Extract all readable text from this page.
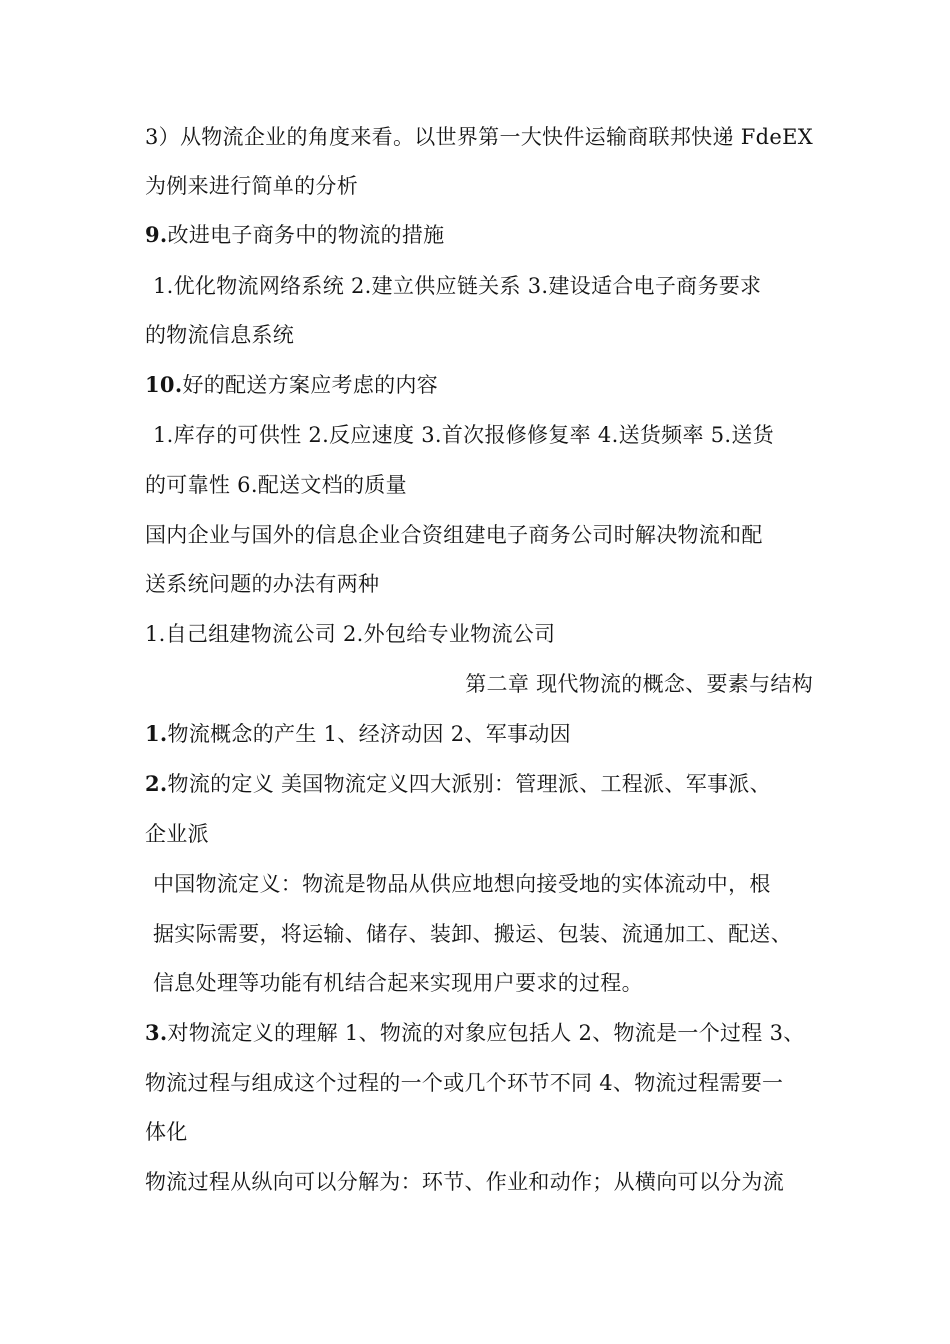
3）从物流企业的角度来看。以世界第一大快件运输商联邦快递 FdeEX
为例来进行简单的分析
9.改进电子商务中的物流的措施
1.优化物流网络系统 2.建立供应链关系 3.建设适合电子商务要求
的物流信息系统
10.好的配送方案应考虑的内容
1.库存的可供性 2.反应速度 3.首次报修修复率 4.送货频率 5.送货
的可靠性 6.配送文档的质量
国内企业与国外的信息企业合资组建电子商务公司时解决物流和配
送系统问题的办法有两种
1.自己组建物流公司 2.外包给专业物流公司
第二章 现代物流的概念、要素与结构
1.物流概念的产生 1、经济动因 2、军事动因
2.物流的定义 美国物流定义四大派别：管理派、工程派、军事派、
企业派
中国物流定义：物流是物品从供应地想向接受地的实体流动中，根
据实际需要，将运输、储存、装卸、搬运、包装、流通加工、配送、
信息处理等功能有机结合起来实现用户要求的过程。
3.对物流定义的理解 1、物流的对象应包括人 2、物流是一个过程 3、
物流过程与组成这个过程的一个或几个环节不同 4、物流过程需要一
体化
物流过程从纵向可以分解为：环节、作业和动作；从横向可以分为流
